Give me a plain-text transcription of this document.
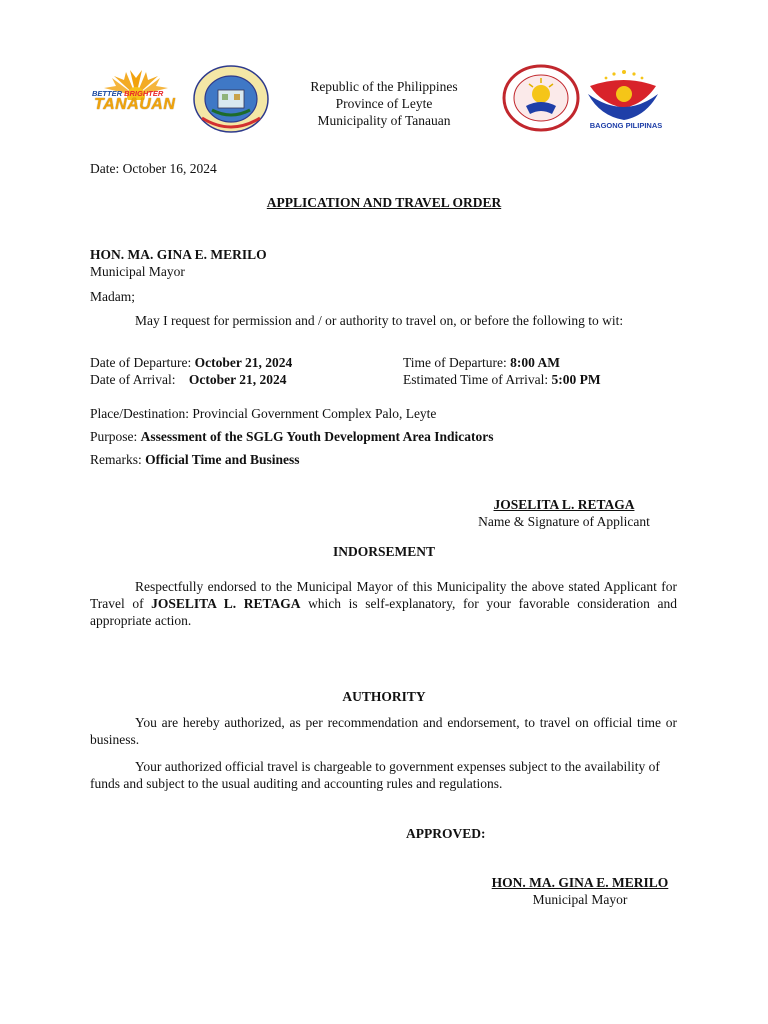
BETTER BRIGHTER
TANAUAN
Republic of the Philippines
Province of Leyte
Municipality of Tanauan	BAGONG PILIPINAS
Date: October 16, 2024
APPLICATION AND TRAVEL ORDER
HON. MA. GINA E. MERILO
Municipal Mayor
Madam;
May I request for permission and / or authority to travel on, or before the following to wit:
Date of Departure: October 21, 2024
Date of Arrival: October 21, 2024
Time of Departure: 8:00 AM
Estimated Time of Arrival: 5:00 PM
Place/Destination: Provincial Government Complex Palo, Leyte
Purpose: Assessment of the SGLG Youth Development Area Indicators
Remarks: Official Time and Business
JOSELITA L. RETAGA
Name & Signature of Applicant
INDORSEMENT
Respectfully endorsed to the Municipal Mayor of this Municipality the above stated Applicant for Travel of JOSELITA L. RETAGA which is self-explanatory, for your favorable consideration and appropriate action.
AUTHORITY
You are hereby authorized, as per recommendation and endorsement, to travel on official time or business.
Your authorized official travel is chargeable to government expenses subject to the availability of funds and subject to the usual auditing and accounting rules and regulations.
APPROVED:
HON. MA. GINA E. MERILO
Municipal Mayor
